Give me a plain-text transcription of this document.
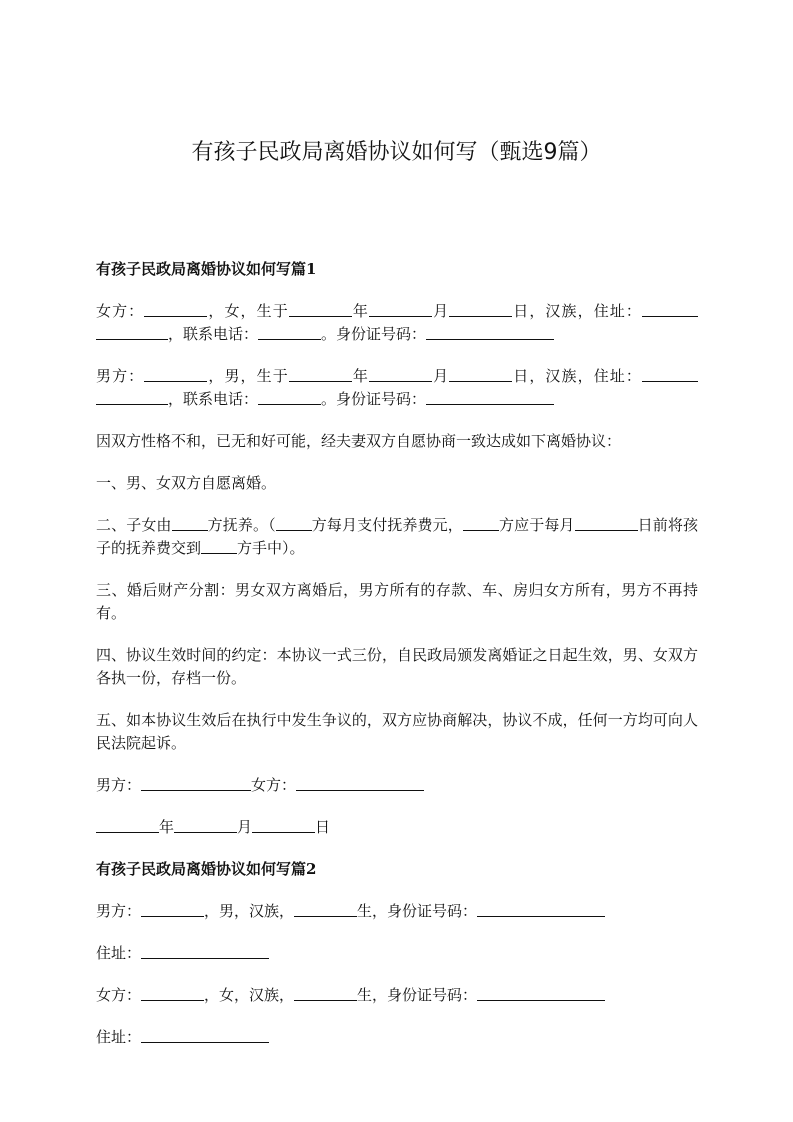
有孩子民政局离婚协议如何写（甄选9篇）
有孩子民政局离婚协议如何写篇1

女方：	，女，生于	年	月	日，汉族，住址：，联系电话：	。身份证号码：

男方：	，男，生于	年	月	日，汉族，住址：，联系电话：	。身份证号码：

因双方性格不和，已无和好可能，经夫妻双方自愿协商一致达成如下离婚协议：

一、男、女双方自愿离婚。

二、子女由 方抚养。（ 方每月支付抚养费元， 方应于每月	日前将孩子的抚养费交到 方手中）。

三、婚后财产分割：男女双方离婚后，男方所有的存款、车、房归女方所有，男方不再持有。

四、协议生效时间的约定：本协议一式三份，自民政局颁发离婚证之日起生效，男、女双方各执一份，存档一份。

五、如本协议生效后在执行中发生争议的，双方应协商解决，协议不成，任何一方均可向人民法院起诉。

男方：	女方：

年	月	日

有孩子民政局离婚协议如何写篇2

男方：	，男，汉族，	生，身份证号码：

住址：

女方：	，女，汉族，	生，身份证号码：

住址：
